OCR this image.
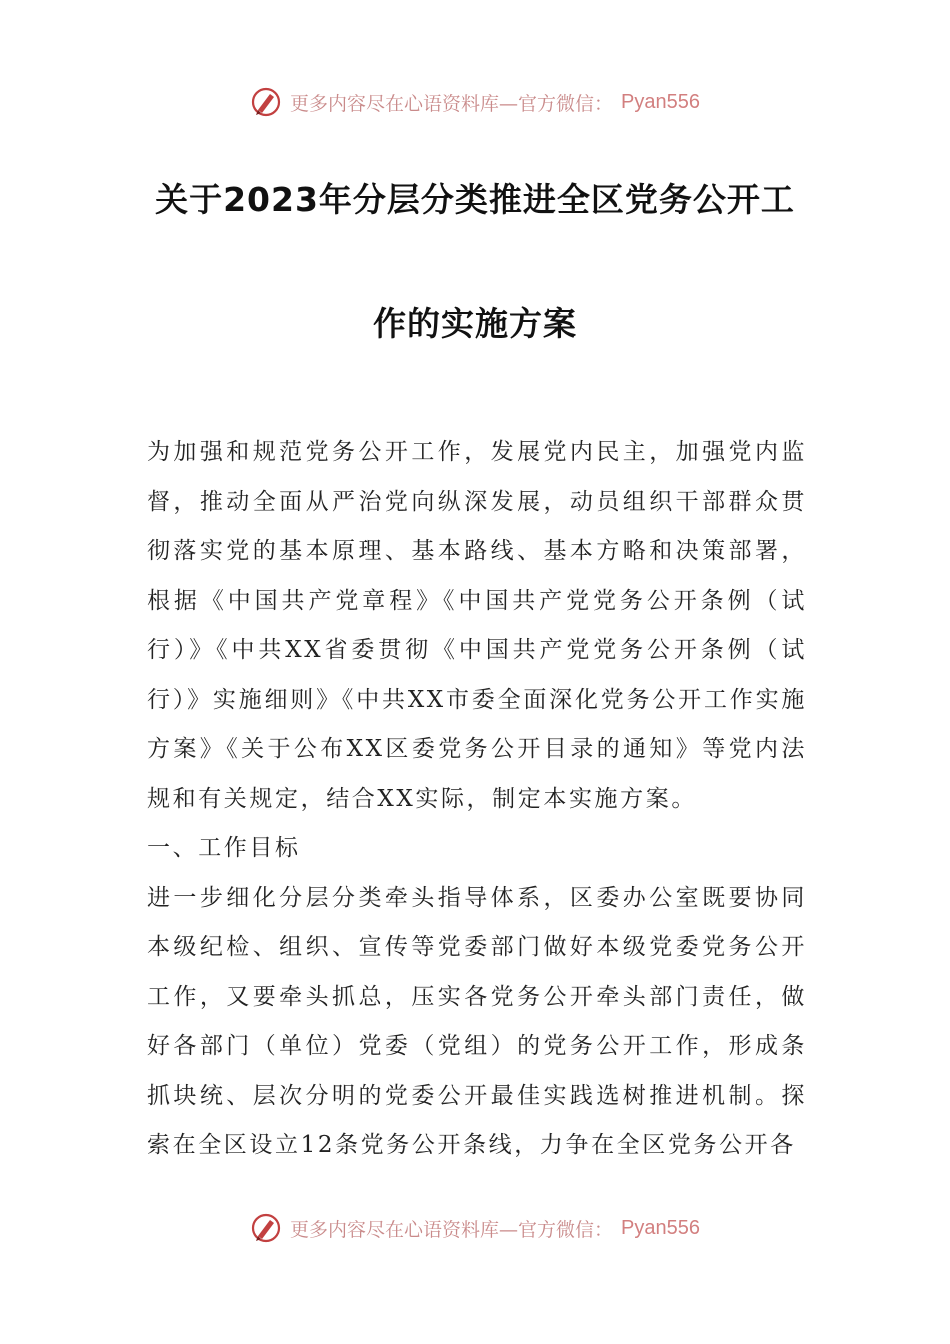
更多内容尽在心语资料库—官方微信： Pyan556
关于2023年分层分类推进全区党务公开工
作的实施方案

为加强和规范党务公开工作，发展党内民主，加强党内监督，推动全面从严治党向纵深发展，动员组织干部群众贯彻落实党的基本原理、基本路线、基本方略和决策部署，根据《中国共产党章程》《中国共产党党务公开条例（试行）》《中共XX省委贯彻《中国共产党党务公开条例（试行）》实施细则》《中共XX市委全面深化党务公开工作实施方案》《关于公布XX区委党务公开目录的通知》等党内法规和有关规定，结合XX实际，制定本实施方案。

一、工作目标

进一步细化分层分类牵头指导体系，区委办公室既要协同本级纪检、组织、宣传等党委部门做好本级党委党务公开工作，又要牵头抓总，压实各党务公开牵头部门责任，做好各部门（单位）党委（党组）的党务公开工作，形成条抓块统、层次分明的党委公开最佳实践选树推进机制。探索在全区设立12条党务公开条线，力争在全区党务公开各

更多内容尽在心语资料库—官方微信： Pyan556
